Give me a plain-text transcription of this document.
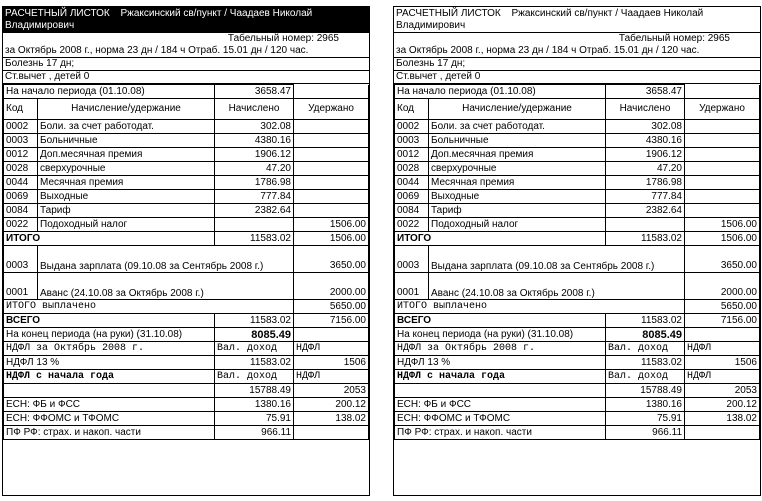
РАСЧЕТНЫЙ ЛИСТОК Ржаксинский св/пункт / Чаадаев Николай Владимирович
Табельный номер: 2965
за Октябрь 2008 г., норма 23 дн / 184 ч Отраб. 15.01 дн / 120 час.
Болезнь 17 дн;
Ст.вычет , детей 0
На начало периода (01.10.08)		3658.47	
Код	Начисление/удержание	Начислено	Удержано
0002	Боли. за счет работодат.	302.08	
0003	Больничные	4380.16	
0012	Доп.месячная премия	1906.12	
0028	сверхурочные	47.20	
0044	Месячная премия	1786.98	
0069	Выходные	777.84	
0084	Тариф	2382.64	
0022	Подоходный налог		1506.00
ИТОГО		11583.02	1506.00
0003	Выдана зарплата (09.10.08 за Сентябрь 2008 г.)		3650.00
0001	Аванс (24.10.08 за Октябрь 2008 г.)		2000.00
ИТОГО выплачено			5650.00
ВСЕГО		11583.02	7156.00
На конец периода (на руки) (31.10.08)		8085.49	
НДФЛ за Октябрь 2008 г.		Вал. доход	НДФЛ
НДФЛ 13 %		11583.02	1506
НДФЛ с начала года		Вал. доход	НДФЛ
		15788.49	2053
ЕСН: ФБ и ФСС		1380.16	200.12
ЕСН: ФФОМС и ТФОМС		75.91	138.02
ПФ РФ: страх. и накоп. части		966.11	
РАСЧЕТНЫЙ ЛИСТОК Ржаксинский св/пункт / Чаадаев Николай Владимирович
Табельный номер: 2965
за Октябрь 2008 г., норма 23 дн / 184 ч Отраб. 15.01 дн / 120 час.
Болезнь 17 дн;
Ст.вычет , детей 0
На начало периода (01.10.08)		3658.47	
Код	Начисление/удержание	Начислено	Удержано
0002	Боли. за счет работодат.	302.08	
0003	Больничные	4380.16	
0012	Доп.месячная премия	1906.12	
0028	сверхурочные	47.20	
0044	Месячная премия	1786.98	
0069	Выходные	777.84	
0084	Тариф	2382.64	
0022	Подоходный налог		1506.00
ИТОГО		11583.02	1506.00
0003	Выдана зарплата (09.10.08 за Сентябрь 2008 г.)		3650.00
0001	Аванс (24.10.08 за Октябрь 2008 г.)		2000.00
ИТОГО выплачено			5650.00
ВСЕГО		11583.02	7156.00
На конец периода (на руки) (31.10.08)		8085.49	
НДФЛ за Октябрь 2008 г.		Вал. доход	НДФЛ
НДФЛ 13 %		11583.02	1506
НДФЛ с начала года		Вал. доход	НДФЛ
		15788.49	2053
ЕСН: ФБ и ФСС		1380.16	200.12
ЕСН: ФФОМС и ТФОМС		75.91	138.02
ПФ РФ: страх. и накоп. части		966.11	
